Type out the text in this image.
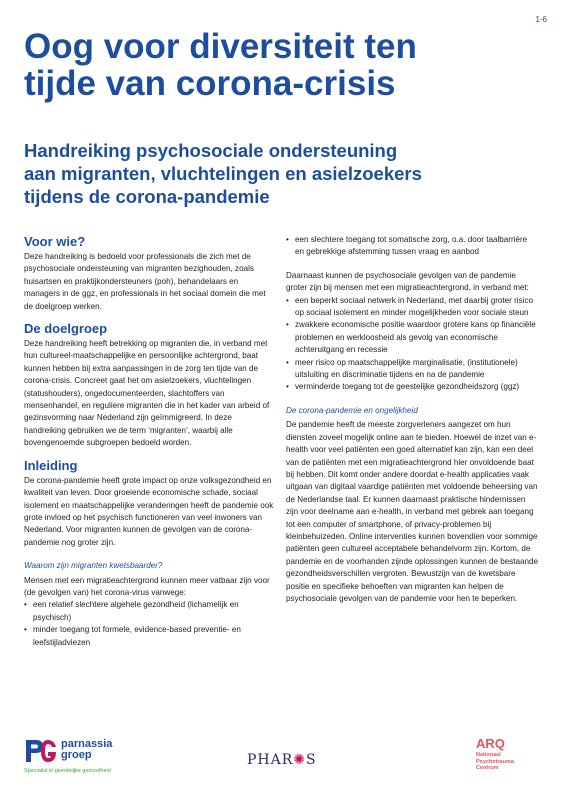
1-6
Oog voor diversiteit ten
tijde van corona-crisis
Handreiking psychosociale ondersteuning
aan migranten, vluchtelingen en asielzoekers
tijdens de corona-pandemie
Voor wie?

Deze handreiking is bedoeld voor professionals die zich met de psychosociale ondersteuning van migranten bezighouden, zoals huisartsen en praktijkondersteuners (poh), behandelaars en managers in de ggz, en professionals in het sociaal domein die met de doelgroep werken.

De doelgroep

Deze handreiking heeft betrekking op migranten die, in verband met hun cultureel-maatschappelijke en persoonlijke achtergrond, baat kunnen hebben bij extra aanpassingen in de zorg ten tijde van de corona-crisis. Concreet gaat het om asielzoekers, vluchtelingen (statushouders), ongedocumenteerden, slachtoffers van mensenhandel, en reguliere migranten die in het kader van arbeid of gezinsvorming naar Nederland zijn geïmmigreerd. In deze handreiking gebruiken we de term ‘migranten’, waarbij alle bovengenoemde subgroepen bedoeld worden.

Inleiding

De corona-pandemie heeft grote impact op onze volksgezondheid en kwaliteit van leven. Door groeiende economische schade, sociaal isolement en maatschappelijke veranderingen heeft de pandemie ook grote invloed op het psychisch functioneren van veel inwoners van Nederland. Voor migranten kunnen de gevolgen van de corona-pandemie nog groter zijn.

Waarom zijn migranten kwetsbaarder?

Mensen met een migratieachtergrond kunnen meer vatbaar zijn voor (de gevolgen van) het corona-virus vanwege:

• een relatief slechtere algehele gezondheid (lichamelijk en psychisch)
• minder toegang tot formele, evidence-based preventie- en leefstijladviezen
• een slechtere toegang tot somatische zorg, o.a. door taalbarrière en gebrekkige afstemming tussen vraag en aanbod

Daarnaast kunnen de psychosociale gevolgen van de pandemie groter zijn bij mensen met een migratieachtergrond, in verband met:

• een beperkt sociaal netwerk in Nederland, met daarbij groter risico op sociaal isolement en minder mogelijkheden voor sociale steun
• zwakkere economische positie waardoor grotere kans op financiële problemen en werkloosheid als gevolg van economische achteruitgang en recessie
• meer risico op maatschappelijke marginalisatie, (institutionele) uitsluiting en discriminatie tijdens en na de pandemie
• verminderde toegang tot de geestelijke gezondheidszorg (ggz)
De corona-pandemie en ongelijkheid

De pandemie heeft de meeste zorgverleners aangezet om hun diensten zoveel mogelijk online aan te bieden. Hoewel de inzet van e-health voor veel patiënten een goed alternatief kan zijn, kan een deel van de patiënten met een migratieachtergrond hier onvoldoende baat bij hebben. Dit komt onder andere doordat e-health applicaties vaak uitgaan van digitaal vaardige patiënten met voldoende beheersing van de Nederlandse taal. Er kunnen daarnaast praktische hindernissen zijn voor deelname aan e-health, in verband met gebrek aan toegang tot een computer of smartphone, of privacy-problemen bij kleinbehuizeden. Online interventies kunnen bovendien voor sommige patiënten geen cultureel acceptabele behandelvorm zijn. Kortom, de pandemie en de voorhanden zijnde oplossingen kunnen de bestaande gezondheidsverschillen vergroten. Bewustzijn van de kwetsbare positie en specifieke behoeften van migranten kan helpen de psychosociale gevolgen van de pandemie voor hen te beperken.

parnassia
groep
Specialist in geestelijke gezondheid
PHAR✺S
ARQ
Nationaal
Psychotrauma
Centrum
